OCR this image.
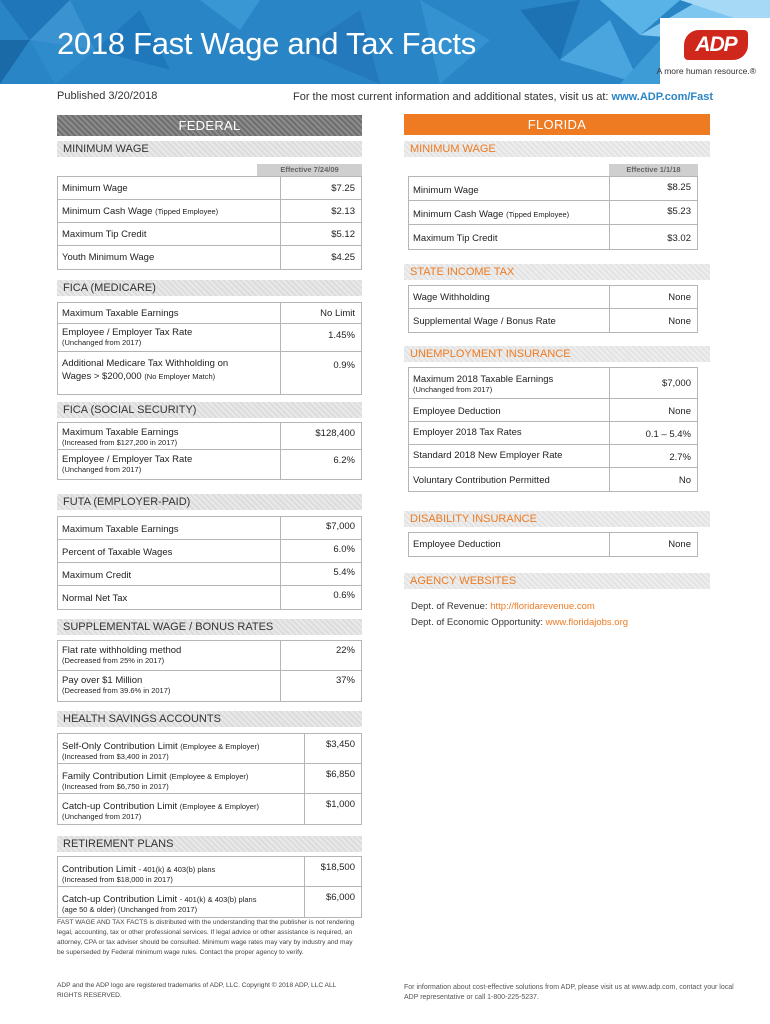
2018 Fast Wage and Tax Facts	ADP
A more human resource.®
Published 3/20/2018	For the most current information and additional states, visit us at: www.ADP.com/Fast
FEDERAL
MINIMUM WAGE
Effective 7/24/09
Minimum Wage	$7.25
Minimum Cash Wage (Tipped Employee)	$2.13
Maximum Tip Credit	$5.12
Youth Minimum Wage	$4.25
FICA (MEDICARE)
Maximum Taxable Earnings	No Limit
Employee / Employer Tax Rate
(Unchanged from 2017)
1.45%
Additional Medicare Tax Withholding on
Wages > $200,000 (No Employer Match)
0.9%
FICA (SOCIAL SECURITY)
Maximum Taxable Earnings
(Increased from $127,200 in 2017)
$128,400
Employee / Employer Tax Rate
(Unchanged from 2017)
6.2%
FUTA (EMPLOYER-PAID)
Maximum Taxable Earnings	$7,000
Percent of Taxable Wages	6.0%
Maximum Credit	5.4%
Normal Net Tax	0.6%
SUPPLEMENTAL WAGE / BONUS RATES
Flat rate withholding method
(Decreased from 25% in 2017)
22%
Pay over $1 Million
(Decreased from 39.6% in 2017)
37%
HEALTH SAVINGS ACCOUNTS
Self-Only Contribution Limit (Employee & Employer)
(Increased from $3,400 in 2017)
$3,450
Family Contribution Limit (Employee & Employer)
(Increased from $6,750 in 2017)
$6,850
Catch-up Contribution Limit (Employee & Employer)
(Unchanged from 2017)
$1,000
RETIREMENT PLANS
Contribution Limit - 401(k) & 403(b) plans
(Increased from $18,000 in 2017)
$18,500
Catch-up Contribution Limit - 401(k) & 403(b) plans
(age 50 & older) (Unchanged from 2017)
$6,000
FLORIDA
MINIMUM WAGE
Effective 1/1/18
Minimum Wage	$8.25
Minimum Cash Wage (Tipped Employee)	$5.23
Maximum Tip Credit	$3.02
STATE INCOME TAX
Wage Withholding	None
Supplemental Wage / Bonus Rate	None
UNEMPLOYMENT INSURANCE
Maximum 2018 Taxable Earnings
(Unchanged from 2017)
$7,000
Employee Deduction	None
Employer 2018 Tax Rates	0.1 – 5.4%
Standard 2018 New Employer Rate	2.7%
Voluntary Contribution Permitted	No
DISABILITY INSURANCE
Employee Deduction	None
AGENCY WEBSITES
Dept. of Revenue: http://floridarevenue.com
Dept. of Economic Opportunity: www.floridajobs.org
FAST WAGE AND TAX FACTS is distributed with the understanding that the publisher is not rendering legal, accounting, tax or other professional services. If legal advice or other assistance is required, an attorney, CPA or tax adviser should be consulted. Minimum wage rates may vary by industry and may be superseded by Federal minimum wage rules. Contact the proper agency to verify.
ADP and the ADP logo are registered trademarks of ADP, LLC. Copyright © 2018 ADP, LLC ALL RIGHTS RESERVED.
For information about cost-effective solutions from ADP, please visit us at www.adp.com, contact your local ADP representative or call 1-800-225-5237.
